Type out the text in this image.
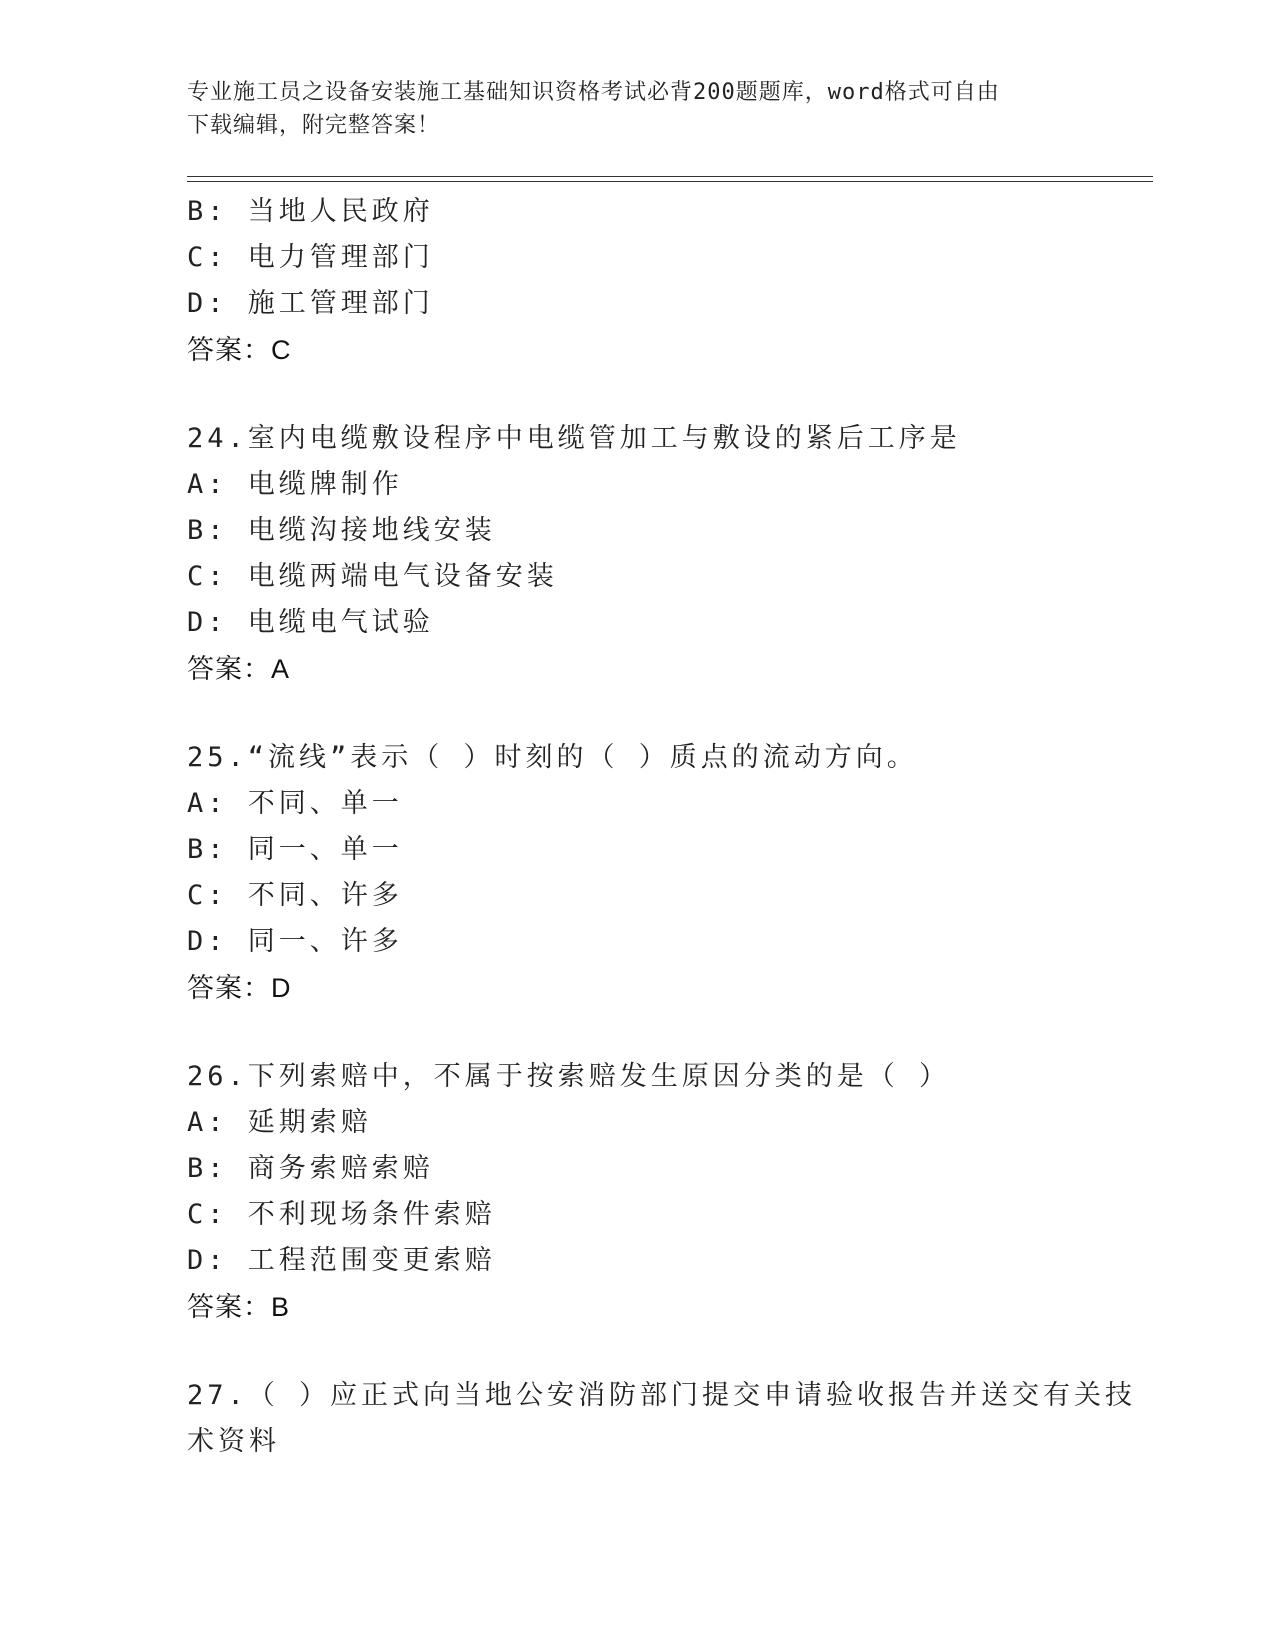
专业施工员之设备安装施工基础知识资格考试必背200题题库，word格式可自由
下载编辑，附完整答案！
B: 当地人民政府
C: 电力管理部门
D: 施工管理部门
答案：C
24.室内电缆敷设程序中电缆管加工与敷设的紧后工序是
A: 电缆牌制作
B: 电缆沟接地线安装
C: 电缆两端电气设备安装
D: 电缆电气试验
答案：A
25.“流线”表示（ ）时刻的（ ）质点的流动方向。
A: 不同、单一
B: 同一、单一
C: 不同、许多
D: 同一、许多
答案：D
26.下列索赔中，不属于按索赔发生原因分类的是（ ）
A: 延期索赔
B: 商务索赔索赔
C: 不利现场条件索赔
D: 工程范围变更索赔
答案：B
27.（ ）应正式向当地公安消防部门提交申请验收报告并送交有关技
术资料
